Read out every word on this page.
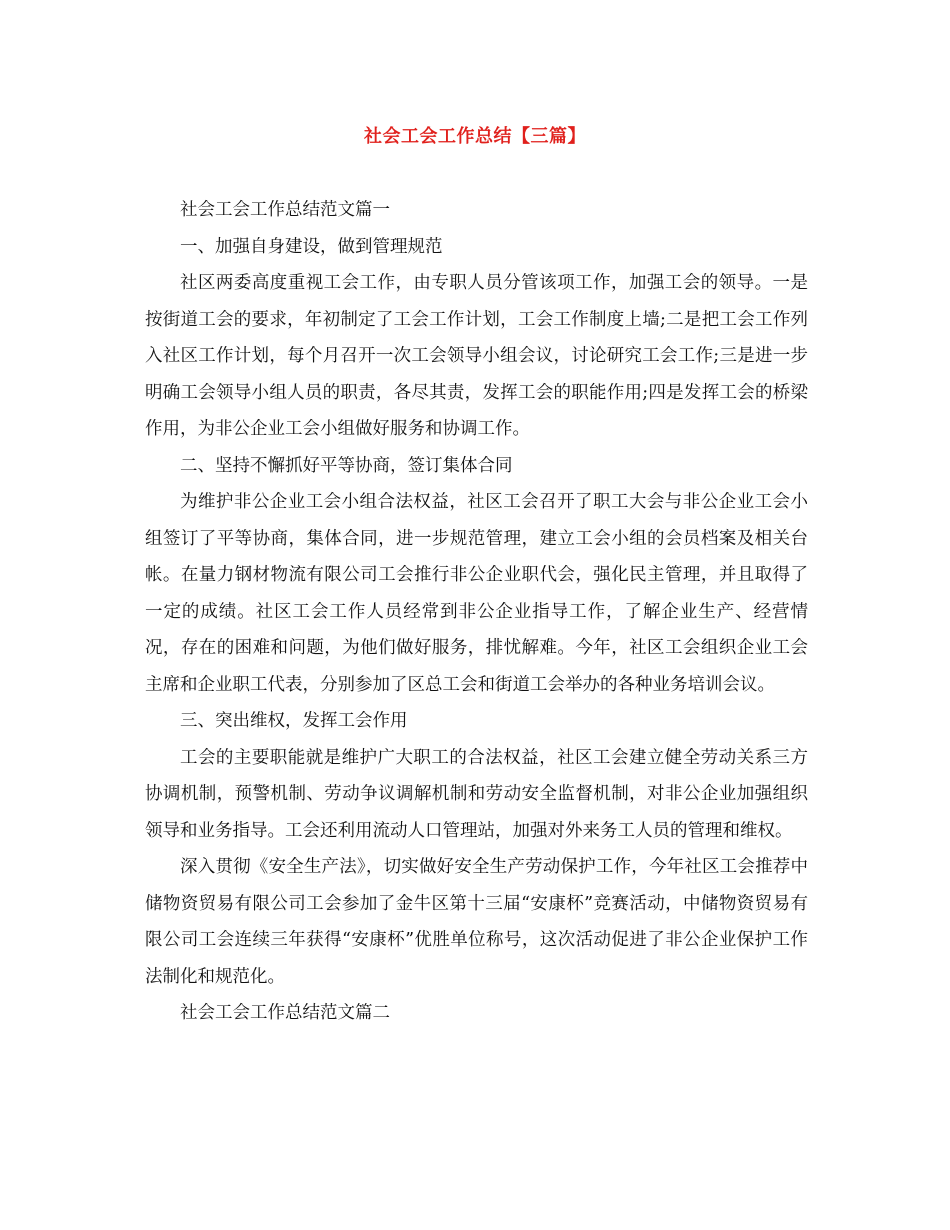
社会工会工作总结【三篇】

社会工会工作总结范文篇一

一、加强自身建设，做到管理规范

社区两委高度重视工会工作，由专职人员分管该项工作，加强工会的领导。一是按街道工会的要求，年初制定了工会工作计划，工会工作制度上墙;二是把工会工作列入社区工作计划，每个月召开一次工会领导小组会议，讨论研究工会工作;三是进一步明确工会领导小组人员的职责，各尽其责，发挥工会的职能作用;四是发挥工会的桥梁作用，为非公企业工会小组做好服务和协调工作。

二、坚持不懈抓好平等协商，签订集体合同

为维护非公企业工会小组合法权益，社区工会召开了职工大会与非公企业工会小组签订了平等协商，集体合同，进一步规范管理，建立工会小组的会员档案及相关台帐。在量力钢材物流有限公司工会推行非公企业职代会，强化民主管理，并且取得了一定的成绩。社区工会工作人员经常到非公企业指导工作，了解企业生产、经营情况，存在的困难和问题，为他们做好服务，排忧解难。今年，社区工会组织企业工会主席和企业职工代表，分别参加了区总工会和街道工会举办的各种业务培训会议。

三、突出维权，发挥工会作用

工会的主要职能就是维护广大职工的合法权益，社区工会建立健全劳动关系三方协调机制，预警机制、劳动争议调解机制和劳动安全监督机制，对非公企业加强组织领导和业务指导。工会还利用流动人口管理站，加强对外来务工人员的管理和维权。

深入贯彻《安全生产法》，切实做好安全生产劳动保护工作，今年社区工会推荐中储物资贸易有限公司工会参加了金牛区第十三届“安康杯”竞赛活动，中储物资贸易有限公司工会连续三年获得“安康杯”优胜单位称号，这次活动促进了非公企业保护工作法制化和规范化。

社会工会工作总结范文篇二
